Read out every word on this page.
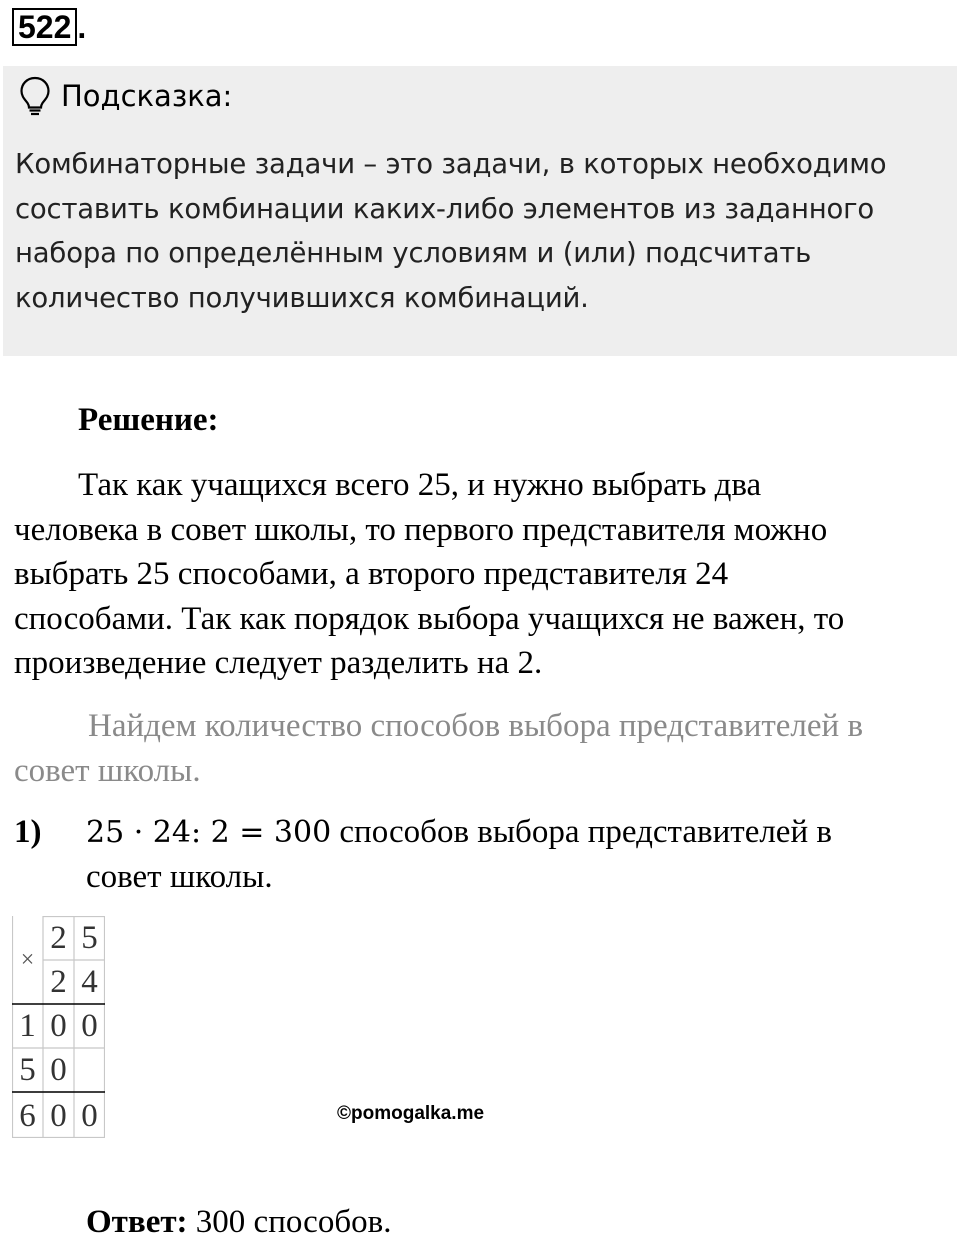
522 .
Подсказка:
Комбинаторные задачи – это задачи, в которых необходимо
составить комбинации каких-либо элементов из заданного
набора по определённым условиям и (или) подсчитать
количество получившихся комбинаций.
Решение:
Так как учащихся всего 25, и нужно выбрать два
человека в совет школы, то первого представителя можно
выбрать 25 способами, а второго представителя 24
способами. Так как порядок выбора учащихся не важен, то
произведение следует разделить на 2.
Найдем количество способов выбора представителей в
совет школы.
1) 25 · 24: 2 = 300 способов выбора представителей в
совет школы.
×
2 5
2 4
1 0 0
5 0
6 0 0	©pomogalka.me
Ответ: 300 способов.
